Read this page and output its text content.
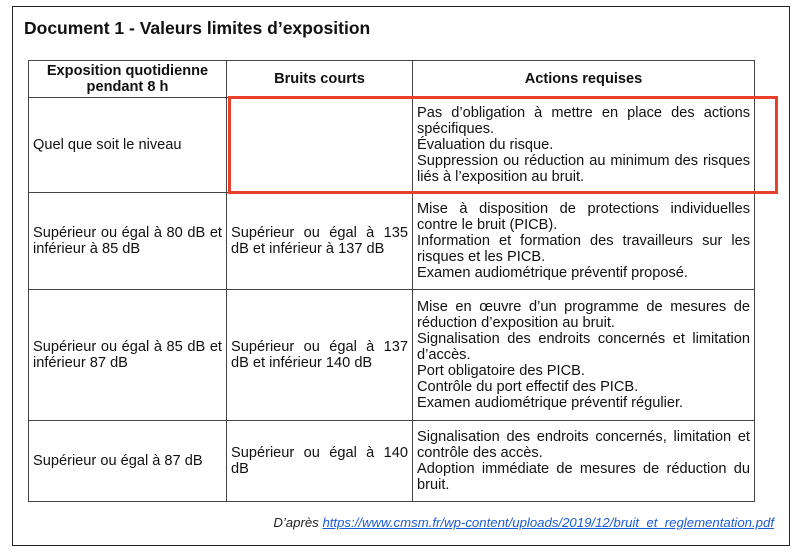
Document 1 - Valeurs limites d’exposition
Exposition quotidienne pendant 8 h	Bruits courts	Actions requises
Quel que soit le niveau		Pas d’obligation à mettre en place des actions spécifiques.
Évaluation du risque.
Suppression ou réduction au minimum des risques liés à l’exposition au bruit.

Supérieur ou égal à 80 dB et inférieur à 85 dB	Supérieur ou égal à 135 dB et inférieur à 137 dB	Mise à disposition de protections individuelles contre le bruit (PICB).
Information et formation des travailleurs sur les risques et les PICB.
Examen audiométrique préventif proposé.

Supérieur ou égal à 85 dB et inférieur 87 dB	Supérieur ou égal à 137 dB et inférieur 140 dB	Mise en œuvre d’un programme de mesures de réduction d’exposition au bruit.
Signalisation des endroits concernés et limitation d’accès.
Port obligatoire des PICB.
Contrôle du port effectif des PICB.
Examen audiométrique préventif régulier.

Supérieur ou égal à 87 dB	Supérieur ou égal à 140 dB	Signalisation des endroits concernés, limitation et contrôle des accès.
Adoption immédiate de mesures de réduction du bruit.
D’après https://www.cmsm.fr/wp-content/uploads/2019/12/bruit_et_reglementation.pdf
